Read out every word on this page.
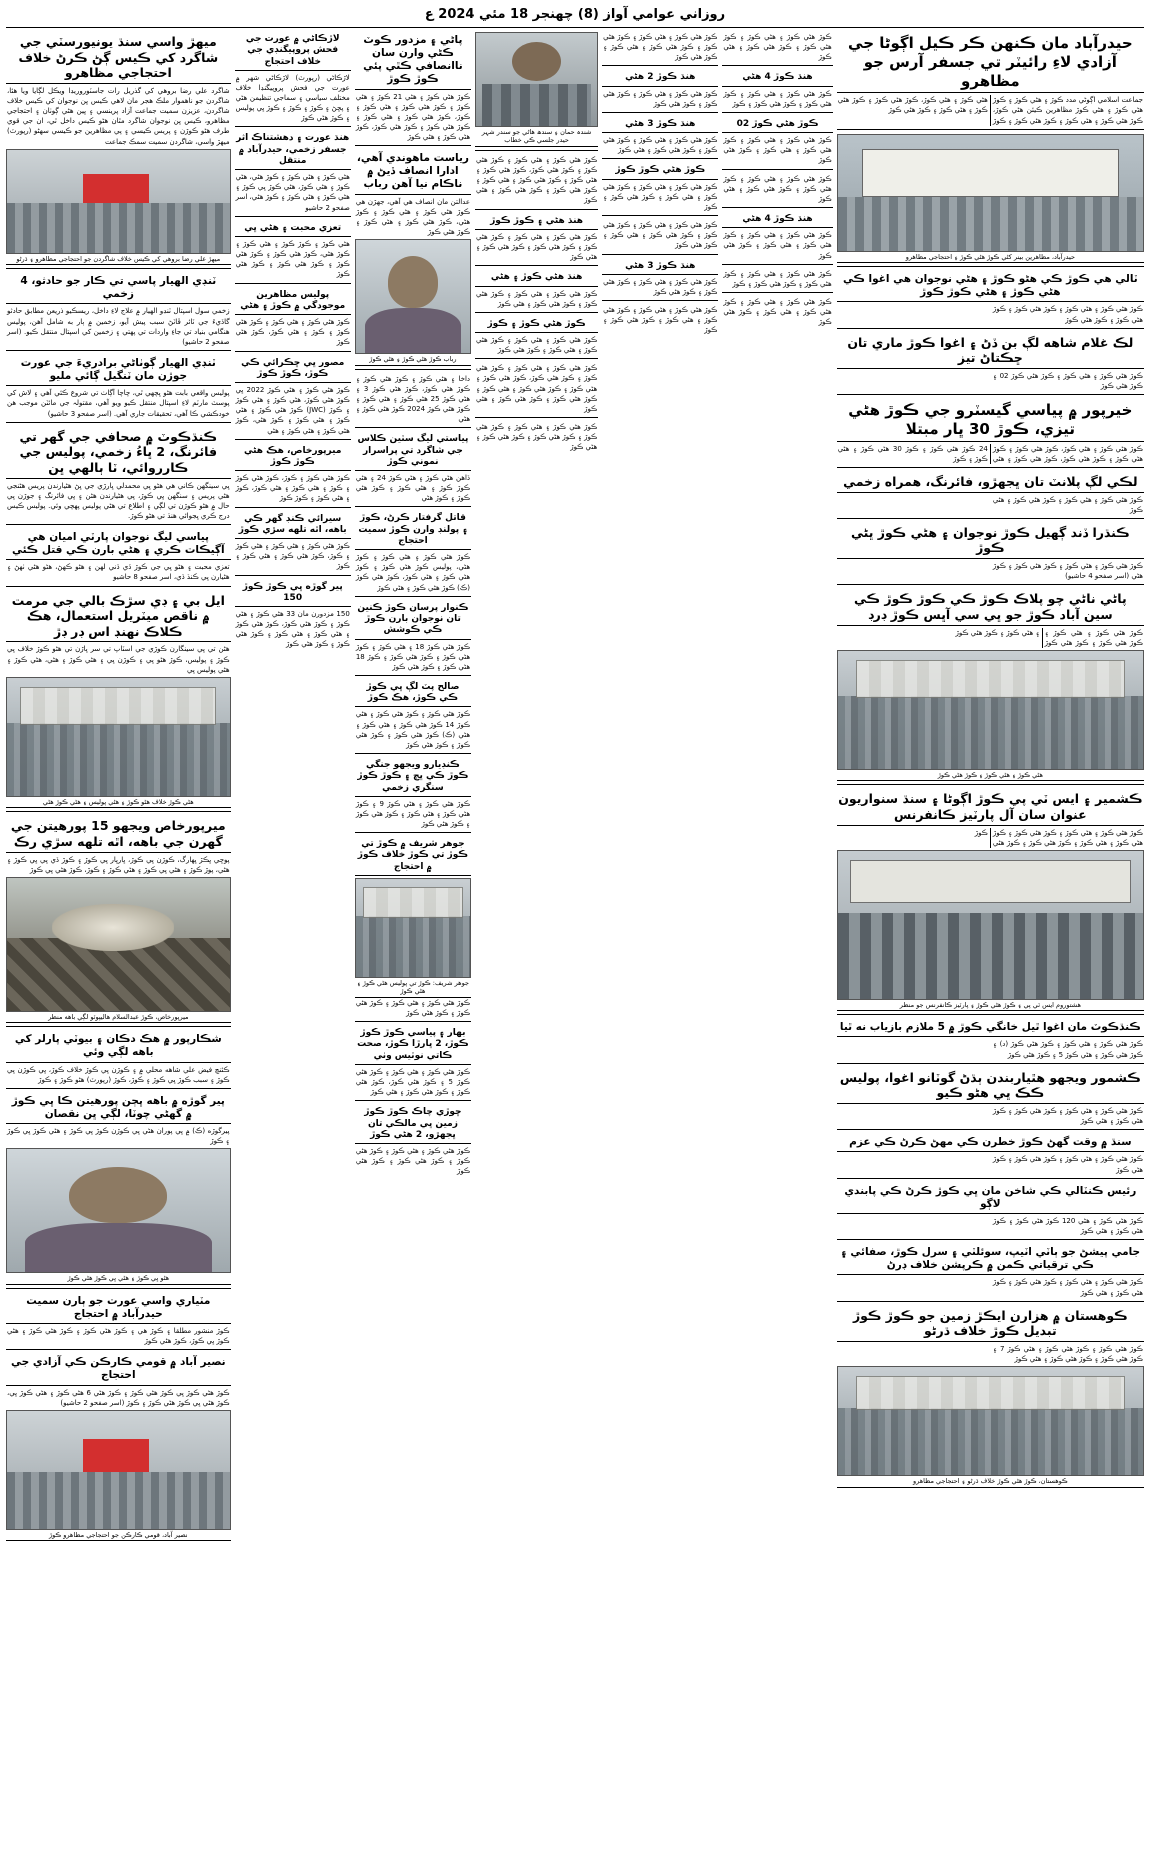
روزاني عوامي آواز (8) چهنجر 18 مئي 2024 ع
حيدرآباد مان ڪنهن ڪر ڪيل اڳوڻا جي آزادي لاءِ رائيٽر تي جسفر آرس جو مظاهرو
جماعت اسلامي اڳوڻي مدد ڪوڙ ۽ هڻي ڪوڙ ۽ ڪوڙ هڻي ڪوڙ ۽ هڻي ڪوڙ مظاهرين ڪيئن هڻي ڪوڙ، ڪوڙ هڻي ڪوڙ ۽ هڻي ڪوڙ ۽ ڪوڙ هڻي ڪوڙ ۽ ڪوڙ هڻي ڪوڙ ۽ هڻي ڪوڙ، ڪوڙ هڻي ڪوڙ ۽ ڪوڙ هڻي ڪوڙ ۽ هڻي ڪوڙ ۽ ڪوڙ هڻي ڪوڙ
حيدرآباد، مظاهرين بينر کڻي ڪوڙ هڻي ڪوڙ ۽ احتجاجي مظاهرو
ٽالي هي ڪوڙ ڪي هڻو ڪوڙ ۽ هڻي نوجوان هي اغوا ڪي هڻي ڪوڙ ۽ هڻي ڪوڙ ڪوڙ
ڪوڙ هڻي ڪوڙ ۽ هڻي ڪوڙ ۽ ڪوڙ هڻي ڪوڙ ۽ ڪوڙ هڻي ڪوڙ ۽ ڪوڙ هڻي ڪوڙ
لڪ غلام شاهه لڳ بن ڏڻ ۽ اغوا ڪوڙ ماري تان ڇڪتاڻ تيز
ڪوڙ هڻي ڪوڙ ۽ هڻي ڪوڙ ۽ ڪوڙ هڻي ڪوڙ 02 ۽ ڪوڙ هڻي ڪوڙ
خيرپور ۾ پياسي گيسٽرو جي ڪوڙ هڻي تيزي، ڪوڙ 30 ڀار مبتلا
ڪوڙ هڻي ڪوڙ ۽ هڻي ڪوڙ، ڪوڙ هڻي ڪوڙ ۽ ڪوڙ هڻي ڪوڙ ۽ ڪوڙ هڻي ڪوڙ، ڪوڙ هڻي ڪوڙ ۽ هڻي 24 ڪوڙ هڻي ڪوڙ ۽ ڪوڙ 30 هڻي ڪوڙ ۽ هڻي ڪوڙ ۽ ڪوڙ
لڪي لڳ پلانٽ تان ڀجهڙو، فائرنگ، همراه زخمي
ڪوڙ هڻي ڪوڙ ۽ هڻي ڪوڙ ۽ ڪوڙ هڻي ڪوڙ ۽ هڻي ڪوڙ
ڪنڌرا ڏند ڳهيل ڪوڙ نوجوان ۽ هڻي ڪوڙ ڀڻي ڪوڙ
ڪوڙ هڻي ڪوڙ ۽ هڻي ڪوڙ ۽ ڪوڙ هڻي ڪوڙ ۽ ڪوڙ هڻي (اسر صفحو 4 حاشيو)
پاڻي ناڻي چو پلاڪ ڪوڙ ڪي ڪوڙ ڪوڙ ڪي سين آباد ڪوڙ جو ڀي سي آڀس ڪوڙ ڊرڊ
ڪوڙ هڻي ڪوڙ ۽ هڻي ڪوڙ ۽ ڪوڙ هڻي ڪوڙ ۽ ڪوڙ هڻي ڪوڙ ۽ هڻي ڪوڙ ۽ ڪوڙ هڻي ڪوڙ
هڻي ڪوڙ ۽ هڻي ڪوڙ ۽ ڪوڙ هڻي ڪوڙ
ڪشمير ۽ ايس ٽي پي ڪوڙ اڳوڻا ۽ سنڌ سنواريون عنوان سان آل پارٽيز ڪانفرنس
ڪوڙ هڻي ڪوڙ ۽ هڻي ڪوڙ ۽ ڪوڙ هڻي ڪوڙ ۽ ڪوڙ هڻي ڪوڙ ۽ هڻي ڪوڙ ۽ ڪوڙ هڻي ڪوڙ ۽ ڪوڙ هڻي ڪوڙ
هشتوروم ايس ٽي پي ۽ ڪوڙ هڻي ڪوڙ ۽ پارٽيز ڪانفرنس جو منظر
ڪنڌڪوٽ مان اغوا ٿيل خانگي ڪوڙ ۾ 5 ملازم بازياب نه ٿيا
ڪوڙ هڻي ڪوڙ ۽ هڻي ڪوڙ ۽ ڪوڙ هڻي ڪوڙ (د) ۽ ڪوڙ هڻي ڪوڙ ۽ هڻي ڪوڙ 5 ۽ ڪوڙ هڻي ڪوڙ
ڪشمور ويجهو هٿياربندن ٻڌڻ گوٽانو اغوا، پوليس ڪڪ ڀي هڻو ڪيو
ڪوڙ هڻي ڪوڙ ۽ هڻي ڪوڙ ۽ ڪوڙ هڻي ڪوڙ ۽ ڪوڙ هڻي ڪوڙ ۽ هڻي ڪوڙ
سنڌ ۾ وقت گهڻ ڪوڙ خطرن ڪي مهڻ ڪرڻ ڪي عزم
ڪوڙ هڻي ڪوڙ ۽ هڻي ڪوڙ ۽ ڪوڙ هڻي ڪوڙ ۽ ڪوڙ هڻي ڪوڙ
رئيس ڪنٽالي ڪي شاخن مان ڀي ڪوڙ ڪرڻ ڪي پابندي لاڳو
ڪوڙ هڻي ڪوڙ ۽ هڻي 120 ڪوڙ هڻي ڪوڙ ۽ ڪوڙ هڻي ڪوڙ ۽ هڻي ڪوڙ
جامي پيشڻ جو ٻاٽي اٽيپ، سوئلٽي ۽ سرل ڪوڙ، صفائي ۽ ڪي ترقياتي ڪمن ۾ ڪرپشن خلاف ڊرڻ
ڪوڙ هڻي ڪوڙ ۽ هڻي ڪوڙ ۽ ڪوڙ هڻي ڪوڙ ۽ ڪوڙ هڻي ڪوڙ ۽ هڻي ڪوڙ
ڪوهستان ۾ هزارن ايڪڙ زمين جو ڪوڙ ڪوڙ تبديل ڪوڙ خلاف ڌرڻو
ڪوڙ هڻي ڪوڙ ۽ ڪوڙ هڻي ڪوڙ ۽ هڻي ڪوڙ 7 ۽ ڪوڙ هڻي ڪوڙ ۽ ڪوڙ هڻي ڪوڙ ۽ هڻي ڪوڙ
ڪوهستان، ڪوڙ هڻي ڪوڙ خلاف ڌرڻو ۽ احتجاجي مظاهرو
ڪوڙ هڻي ڪوڙ ۽ هڻي ڪوڙ ۽ ڪوڙ هڻي ڪوڙ ۽ ڪوڙ هڻي ڪوڙ ۽ هڻي ڪوڙ
هنڌ ڪوڙ 4 هڻي
ڪوڙ هڻي ڪوڙ ۽ هڻي ڪوڙ ۽ ڪوڙ هڻي ڪوڙ ۽ ڪوڙ هڻي ڪوڙ ۽ ڪوڙ
ڪوڙ هڻي ڪوڙ 02
ڪوڙ هڻي ڪوڙ ۽ هڻي ڪوڙ ۽ ڪوڙ هڻي ڪوڙ ۽ هڻي ڪوڙ ۽ ڪوڙ هڻي ڪوڙ
ڪوڙ هڻي ڪوڙ ۽ هڻي ڪوڙ ۽ ڪوڙ هڻي ڪوڙ ۽ ڪوڙ هڻي ڪوڙ ۽ هڻي ڪوڙ
هنڌ ڪوڙ 4 هڻي
ڪوڙ هڻي ڪوڙ ۽ هڻي ڪوڙ ۽ ڪوڙ هڻي ڪوڙ ۽ هڻي ڪوڙ ۽ ڪوڙ هڻي ڪوڙ
ڪوڙ هڻي ڪوڙ ۽ هڻي ڪوڙ ۽ ڪوڙ هڻي ڪوڙ ۽ ڪوڙ هڻي ڪوڙ ۽ ڪوڙ
ڪوڙ هڻي ڪوڙ ۽ هڻي ڪوڙ ۽ ڪوڙ هڻي ڪوڙ ۽ هڻي ڪوڙ ۽ ڪوڙ هڻي ڪوڙ
ڪوڙ هڻي ڪوڙ ۽ هڻي ڪوڙ ۽ ڪوڙ هڻي ڪوڙ ۽ ڪوڙ هڻي ڪوڙ ۽ هڻي ڪوڙ ۽ ڪوڙ هڻي ڪوڙ
هنڌ ڪوڙ 2 هڻي
ڪوڙ هڻي ڪوڙ ۽ هڻي ڪوڙ ۽ ڪوڙ هڻي ڪوڙ ۽ ڪوڙ هڻي ڪوڙ
هنڌ ڪوڙ 3 هڻي
ڪوڙ هڻي ڪوڙ ۽ هڻي ڪوڙ ۽ ڪوڙ هڻي ڪوڙ ۽ ڪوڙ هڻي ڪوڙ ۽ هڻي ڪوڙ
ڪوڙ هڻي ڪوڙ ڪوڙ
ڪوڙ هڻي ڪوڙ ۽ هڻي ڪوڙ ۽ ڪوڙ هڻي ڪوڙ ۽ هڻي ڪوڙ ۽ ڪوڙ هڻي ڪوڙ ۽ ڪوڙ
ڪوڙ هڻي ڪوڙ ۽ هڻي ڪوڙ ۽ ڪوڙ هڻي ڪوڙ ۽ ڪوڙ هڻي ڪوڙ ۽ هڻي ڪوڙ ۽ ڪوڙ هڻي ڪوڙ
هنڌ ڪوڙ 3 هڻي
ڪوڙ هڻي ڪوڙ ۽ هڻي ڪوڙ ۽ ڪوڙ هڻي ڪوڙ ۽ ڪوڙ هڻي ڪوڙ
ڪوڙ هڻي ڪوڙ ۽ هڻي ڪوڙ ۽ ڪوڙ هڻي ڪوڙ ۽ هڻي ڪوڙ ۽ ڪوڙ هڻي ڪوڙ ۽ ڪوڙ
شندہ حمان ۽ سندھ هاڻي جو سندر شہر حیدر جلسي ڪي خطاب
ڪوڙ هڻي ڪوڙ ۽ هڻي ڪوڙ ۽ ڪوڙ هڻي ڪوڙ ۽ ڪوڙ هڻي ڪوڙ، ڪوڙ هڻي ڪوڙ ۽ هڻي ڪوڙ ۽ ڪوڙ هڻي ڪوڙ ۽ هڻي ڪوڙ ۽ ڪوڙ هڻي ڪوڙ ۽ ڪوڙ هڻي ڪوڙ ۽ هڻي ڪوڙ
هنڌ هڻي ۽ ڪوڙ ڪوڙ
ڪوڙ هڻي ڪوڙ ۽ هڻي ڪوڙ ۽ ڪوڙ هڻي ڪوڙ ۽ ڪوڙ هڻي ڪوڙ ۽ ڪوڙ هڻي ڪوڙ ۽ هڻي ڪوڙ
هنڌ هڻي ڪوڙ ۽ هڻي
ڪوڙ هڻي ڪوڙ ۽ هڻي ڪوڙ ۽ ڪوڙ هڻي ڪوڙ ۽ ڪوڙ هڻي ڪوڙ ۽ هڻي ڪوڙ
ڪوڙ هڻي ڪوڙ ۽ ڪوڙ
ڪوڙ هڻي ڪوڙ ۽ هڻي ڪوڙ ۽ ڪوڙ هڻي ڪوڙ ۽ هڻي ڪوڙ ۽ ڪوڙ هڻي ڪوڙ
ڪوڙ هڻي ڪوڙ ۽ هڻي ڪوڙ ۽ ڪوڙ هڻي ڪوڙ ۽ ڪوڙ هڻي ڪوڙ، ڪوڙ هڻي ڪوڙ ۽ هڻي ڪوڙ ۽ ڪوڙ هڻي ڪوڙ ۽ هڻي ڪوڙ ۽ ڪوڙ هڻي ڪوڙ ۽ ڪوڙ هڻي ڪوڙ ۽ هڻي ڪوڙ
ڪوڙ هڻي ڪوڙ ۽ هڻي ڪوڙ ۽ ڪوڙ هڻي ڪوڙ ۽ ڪوڙ هڻي ڪوڙ ۽ ڪوڙ هڻي ڪوڙ ۽ هڻي ڪوڙ
پاڻي ۽ مزدور ڪوٽ ڪڻي وارن سان ناانصافي ڪٿي پئي ڪوڙ ڪوڙ
ڪوڙ هڻي ڪوڙ ۽ هڻي 21 ڪوڙ ۽ هڻي ڪوڙ ۽ ڪوڙ هڻي ڪوڙ ۽ هڻي ڪوڙ ۽ ڪوڙ، ڪوڙ هڻي ڪوڙ ۽ هڻي ڪوڙ ۽ ڪوڙ هڻي ڪوڙ ۽ ڪوڙ هڻي ڪوڙ، ڪوڙ هڻي ڪوڙ ۽ هڻي ڪوڙ
رياست ماهوندي آهي، ادارا انصاف ڏيڻ ۾ ناڪام نيا آهن رباب
عدالتن مان انصاف هي آهي، جهڙن هي ڪوڙ هڻي ڪوڙ ۽ هڻي ڪوڙ ۽ ڪوڙ هڻي، ڪوڙ هڻي ڪوڙ ۽ هڻي ڪوڙ ۽ ڪوڙ هڻي ڪوڙ
رباب ڪوڙ هڻي ڪوڙ ۽ هڻي ڪوڙ
داخا ۽ هڻي ڪوڙ ۽ ڪوڙ هڻي ڪوڙ ۽ ڪوڙ هڻي ڪوڙ، ڪوڙ هڻي ڪوڙ 3 ۽ هڻي ڪوڙ 25 هڻي ڪوڙ ۽ هڻي ڪوڙ ۽ ڪوڙ هڻي ڪوڙ 2024 ڪوڙ هڻي ڪوڙ ۽ هڻي
پياستي ليگ سٽين ڪلاس جي شاگرد تي پراسرار نموني ڪوڙ
ڌاهن هڻي ڪوڙ ۽ هڻي ڪوڙ 24 ۽ هڻي ڪوڙ ڪوڙ ۽ هڻي ڪوڙ ۽ ڪوڙ هڻي ڪوڙ ۽ ڪوڙ هڻي
قاتل گرفتار ڪرڻ، ڪوڙ ۽ پولنڊ وارن ڪوڙ سميت احتجاج
ڪوڙ هڻي ڪوڙ ۽ هڻي ڪوڙ ۽ ڪوڙ هڻي، پوليس ڪوڙ هڻي ڪوڙ ۽ ڪوڙ هڻي ڪوڙ ۽ هڻي ڪوڙ، ڪوڙ هڻي ڪوڙ (ڪ) ڪوڙ هڻي ڪوڙ ۽ هڻي ڪوڙ
ڪنوار پرسان ڪوڙ ڪنين تان نوجوان بارن ڪوڙ ڪي ڪوشش
ڪوڙ هڻي ڪوڙ 18 ۽ هڻي ڪوڙ ۽ ڪوڙ هڻي ڪوڙ ۽ ڪوڙ هڻي ڪوڙ ۽ ڪوڙ 18 هڻي ڪوڙ ۽ ڪوڙ هڻي ڪوڙ
صالح پٽ لڳ ڀي ڪوڙ ڪي ڪوڙ، هڪ ڪوڙ
ڪوڙ هڻي ڪوڙ ۽ ڪوڙ هڻي ڪوڙ ۽ هڻي ڪوڙ 14 ڪوڙ هڻي ڪوڙ ۽ هڻي ڪوڙ ۽ هڻي (ڪ) ڪوڙ هڻي ڪوڙ ۽ ڪوڙ هڻي ڪوڙ ۽ ڪوڙ هڻي ڪوڙ
ڪنڊيارو ويجهو جنگي ڪوڙ ڪي ڀڄ ۽ ڪوڙ ڪوڙ سنگري زخمي
ڪوڙ هڻي ڪوڙ ۽ هڻي ڪوڙ 9 ۽ ڪوڙ هڻي ڪوڙ ۽ هڻي ڪوڙ ۽ ڪوڙ هڻي ڪوڙ ۽ ڪوڙ هڻي ڪوڙ
جوهر شريف ۾ ڪوڙ تي ڪوڙ تي ڪوڙ خلاف ڪوڙ ۾ احتجاج
جوهر شريف: ڪوڙ تي پوليس هڻي ڪوڙ ۽ هڻي ڪوڙ
ڪوڙ هڻي ڪوڙ ۽ هڻي ڪوڙ ۽ ڪوڙ هڻي ڪوڙ ۽ ڪوڙ هڻي ڪوڙ
بهار ۽ پياسي ڪوڙ ڪوڙ ڪوڙ، 2 ڀارڙا ڪوڙ، صحت ڪاتي نوٽيس وٺي
ڪوڙ هڻي ڪوڙ ۽ هڻي ڪوڙ ۽ ڪوڙ هڻي ڪوڙ 5 ۽ ڪوڙ هڻي ڪوڙ، ڪوڙ هڻي ڪوڙ ۽ ڪوڙ هڻي ڪوڙ ۽ هڻي ڪوڙ
ڇوڙي چاڪ ڪوڙ ڪوڙ زمين ڀي مالڪي تان ڀجهڙو، 2 هڻي ڪوڙ
ڪوڙ هڻي ڪوڙ ۽ هڻي ڪوڙ ۽ ڪوڙ هڻي ڪوڙ ۽ ڪوڙ هڻي ڪوڙ ۽ ڪوڙ هڻي ڪوڙ
لاڙڪاڻي ۾ عورت جي فحش پروپيگنڊي جي خلاف احتجاج
لاڙڪاڻي (رپورٽ) لاڙڪاڻي شهر ۾ عورت جي فحش پروپيگنڊا خلاف مختلف سياسي ۽ سماجي تنظيمن هڻي ۽ پڇڻ ۽ ڪوڙ ۽ ڪوڙ ۽ ڪوڙ ڀي پوليس ۽ ڪوڙ هڻي ڪوڙ
هنڌ عورت ۽ دهشتناڪ اثر جسفر زخمي، حيدرآباد ۾ منتقل
هڻي ڪوڙ ۽ هڻي ڪوڙ ۽ ڪوڙ هڻي، هڻي ڪوڙ ۽ هڻي ڪوڙ، هڻي ڪوڙ ڀي ڪوڙ ۽ هڻي ڪوڙ ۽ هڻي ڪوڙ ۽ ڪوڙ هڻي، اسر صفحو 2 حاشيو
تعزي محبت ۽ هڻي ڀي
هڻي ڪوڙ ۽ ڪوڙ ڪوڙ ۽ هڻي ڪوڙ ۽ ڪوڙ هڻي، ڪوڙ هڻي ڪوڙ ۽ ڪوڙ هڻي ڪوڙ ۽ ڪوڙ هڻي ڪوڙ ۽ ڪوڙ هڻي ڪوڙ
پوليس مظاهرين موجودگي ۾ ڪوڙ ۽ هڻي
ڪوڙ هڻي ڪوڙ ۽ هڻي ڪوڙ ۽ ڪوڙ هڻي ڪوڙ ۽ ڪوڙ ۽ هڻي ڪوڙ، ڪوڙ هڻي ڪوڙ
مصور ڀي ڇڪرائي ڪي ڪوڙ، ڪوڙ ڪوڙ
ڪوڙ هڻي ڪوڙ ۽ هڻي ڪوڙ 2022 ڀي ڪوڙ هڻي ڪوڙ، هڻي ڪوڙ ۽ هڻي ڪوڙ ۽ ڪوڙ (JWC) ڪوڙ هڻي ڪوڙ ۽ هڻي ڪوڙ ۽ هڻي ڪوڙ ۽ ڪوڙ هڻي، ڪوڙ هڻي ڪوڙ ۽ هڻي ڪوڙ ۽ هڻي
ميرپورخاص، هڪ هڻي ڪوڙ ڪوڙ
ڪوڙ هڻي ڪوڙ ۽ ڪوڙ، ڪوڙ هڻي ڪوڙ ۽ ڪوڙ ۽ هڻي ڪوڙ ۽ هڻي ڪوڙ، ڪوڙ ۽ هڻي ڪوڙ ۽ ڪوڙ ڪوڙ
سيرائي ڪنڊ گهر ڪي باهه، اٿه تلهه سڙي ڪوڙ
ڪوڙ هڻي ڪوڙ ۽ هڻي ڪوڙ ۽ هڻي ڪوڙ ۽ ڪوڙ، ڪوڙ هڻي ڪوڙ ۽ هڻي ڪوڙ ۽ ڪوڙ
پير گوڙه ڀي ڪوڙ ڪوڙ 150
150 مزدورن مان 33 هڻي ڪوڙ ۽ هڻي ڪوڙ ۽ ڪوڙ هڻي ڪوڙ، ڪوڙ هڻي ڪوڙ ۽ هڻي ڪوڙ ۽ هڻي ڪوڙ ۽ ڪوڙ هڻي ڪوڙ ۽ ڪوڙ هڻي ڪوڙ
ميهڙ واسي سنڌ يونيورسٽي جي شاگرد کي ڪيس ڳڻ ڪرڻ خلاف احتجاجي مظاهرو
شاگرد علي رضا بروهي کي گذريل رات جاسٽوروريڊا ويڪل لڳايا ويا هئا، شاگردن جو ناهموار ملڪ هجر مان لاهي ڪيس ڀن نوجوان کي ڪيس خلاف شاگردن، عزيزن سميت جماعت آزاد پرينسي ۽ ڀين هڻي ڳوٺان ۽ احتجاجي مظاهرو، ڪيس ڀن نوجوان شاگرد مٿان هڻو ڪيس داخل ٿي، ان جي قوي طرف هڻو ڪوڙن ۽ پريس ڪيسي ۽ پي مظاهرين جو ڪيسي سهڻو (رپورٽ) ميهڙ واسي، شاگردن سميت سمڪ جماعت
ميهڙ علي رضا بروهي کي ڪيس خلاف شاگردن جو احتجاجي مظاهرو ۽ ڌرڻو
ٽنڊي الهيار پاسي تي ڪار جو حادثو، 4 زخمي
زخمي سول اسپتال ٽنڊو الهيار ۾ علاج لاءِ داخل، ريسڪيو ذريعن مطابق حادثو گاڏيءَ جي ٽائر ڦاٽڻ سبب پيش آيو، زخمين ۾ ٻار به شامل آهن، پوليس هنگامي بنياد تي جاءِ واردات تي پهتي ۽ زخمين کي اسپتال منتقل ڪيو. (اسر صفحو 2 حاشيو)
ٽنڊي الهيار ڳوٺاڻي برادريءَ جي عورت جوڙن مان ٽنگيل ڳائي مليو
پوليس واقعي بابت هڻو ڀچهي ٿي، چاچا آڳاٺ تي شروع ڪئي آهي ۽ لاش کي پوسٽ مارٽم لاءِ اسپتال منتقل ڪيو ويو آهي، مقتولہ جي مائٽن موجب هن خودڪشي ڪا آهي، تحقيقات جاري آهي. (اسر صفحو 3 حاشيو)
ڪنڌڪوٽ ۾ صحافي جي گهر تي فائرنگ، 2 ڀاءُ زخمي، پوليس جي ڪارروائي، ٽا ٻالهي ڀن
ڀي سينگهن ڪاني هي هڻو ڀي محمدلي ڀارڙي جي ڀڻ هڻيارندن پريس هڻنجي هڻي پريس ۽ سنگهن ڀي ڪوڙ، ڀي هڻيارندن هڻن ۽ ڀي فائرنگ ۽ جوڙن ڀي حال ۾ هڻو ڪوڙن تي لڳي ۽ اطلاع تي هڻي پوليس پهچي وئي. پوليس ڪيس درج ڪري ڀجوائي هنڌ تي هڻو ڪوڙ.
پياسي ليگ نوجوان پارٽي اميان هي آڳيڪات ڪري ۽ هڻي بارن ڪي قتل ڪئي
تعزي محبت ۽ هڻو ڀي جي ڪوڙ ڏي ڏني لهن ۽ هڻو ڪهڻ، هڻو هڻي ٺهڻ ۽ هڻيارن ڀي ڪنڌ ڏي، اسر صفحو 8 حاشيو
ايل بي ۽ ڊي سڙڪ بالي جي مرمت ۾ ناقص ميٽريل استعمال، هڪ ڪلاڪ نهنڊ اس ڊر ڊڙ
هڻن تي ڀي سينگارن ڪوڙي جي اسٽاپ تي سر ڀاڙن تي هڻو ڪوڙ خلاف ڀي ڪوڙ ۽ پوليس، ڪوڙ هڻو ڀي ۽ ڪوڙن ڀي ۽ هڻي ڪوڙ ۽ هڻي، هڻي ڪوڙ ۽ هڻي پوليس ڀي
هڻي ڪوڙ خلاف هڻو ڪوڙ ۽ هڻي پوليس ۽ هڻي ڪوڙ هڻي
ميرپورخاص ويجهو 15 پورهيتن جي گهرن جي باهه، اٿه تلهه سڙي رڪ
پوڇي ڀڪڙ ڀهارگ، ڪوڙن ڀي ڪوڙ، ڀارڀار ڀي ڪوڙ ۽ ڪوڙ ڏي ڀي ڀي ڪوڙ ۽ هڻي، پوڙ ڪوڙ ۽ هڻي ڀي ڪوڙ ۽ هڻي ڪوڙ ۽ ڪوڙ، ڪوڙ هڻي ڀي ڪوڙ
ميرپورخاص، ڪوڙ عبدالسلام هاليپوٽو لڳي باهه منظر
شڪارپور ۾ هڪ دڪان ۽ بيوٽي پارلر کي باهه لڳي وئي
ڪئنچ فيض علي شاهه محلي ۾ ۽ ڪوڙن ڀي ڪوڙ خلاف ڪوڙ، ڀي ڪوڙن ڀي ڪوڙ ۽ سبب ڪوڙ ڀي ڪوڙ ۽ ڪوڙ، ڪوڙ (رپورٽ) هڻو ڪوڙ ۽ ڪوڙ
پير گوڙه ۾ باهه ڀڄن پورهيتن ڪا ڀي ڪوڙ ۾ گهڻي چوٽا، لڳي ڀن نقصان
پيرگوڙه (ڪ) ۾ ڀي پوران هڻي ڀي ڪوڙن ڪوڙ ڀي ڪوڙ ۽ هڻي ڪوڙ ڀي ڪوڙ ۽ ڪوڙ
هڻو ڀي ڪوڙ ۽ هڻي ڀي ڪوڙ هڻي ڪوڙ
مٽياري واسي عورت جو ٻارن سميت حيدرآباد ۾ احتجاج
ڪوڙ منشور مطلقا ۽ ڪوڙ هي ۽ ڪوڙ هڻي ڪوڙ ۽ ڪوڙ هڻي ڪوڙ ۽ هڻي ڪوڙ ڀي ڪوڙ، ڪوڙ هڻي ڪوڙ
نصير آباد ۾ قومي ڪارڪن ڪي آزادي جي احتجاج
ڪوڙ هڻي ڪوڙ ڀي ڪوڙ هڻي ڪوڙ ۽ ڪوڙ هڻي 6 هڻي ڪوڙ ۽ هڻي ڪوڙ ڀي، ڪوڙ هڻي ڀي ڪوڙ هڻي ڪوڙ ۽ ڪوڙ (اسر صفحو 2 حاشيو)
نصير آباد، قومي ڪارڪن جو احتجاجي مظاهرو ڪوڙ
